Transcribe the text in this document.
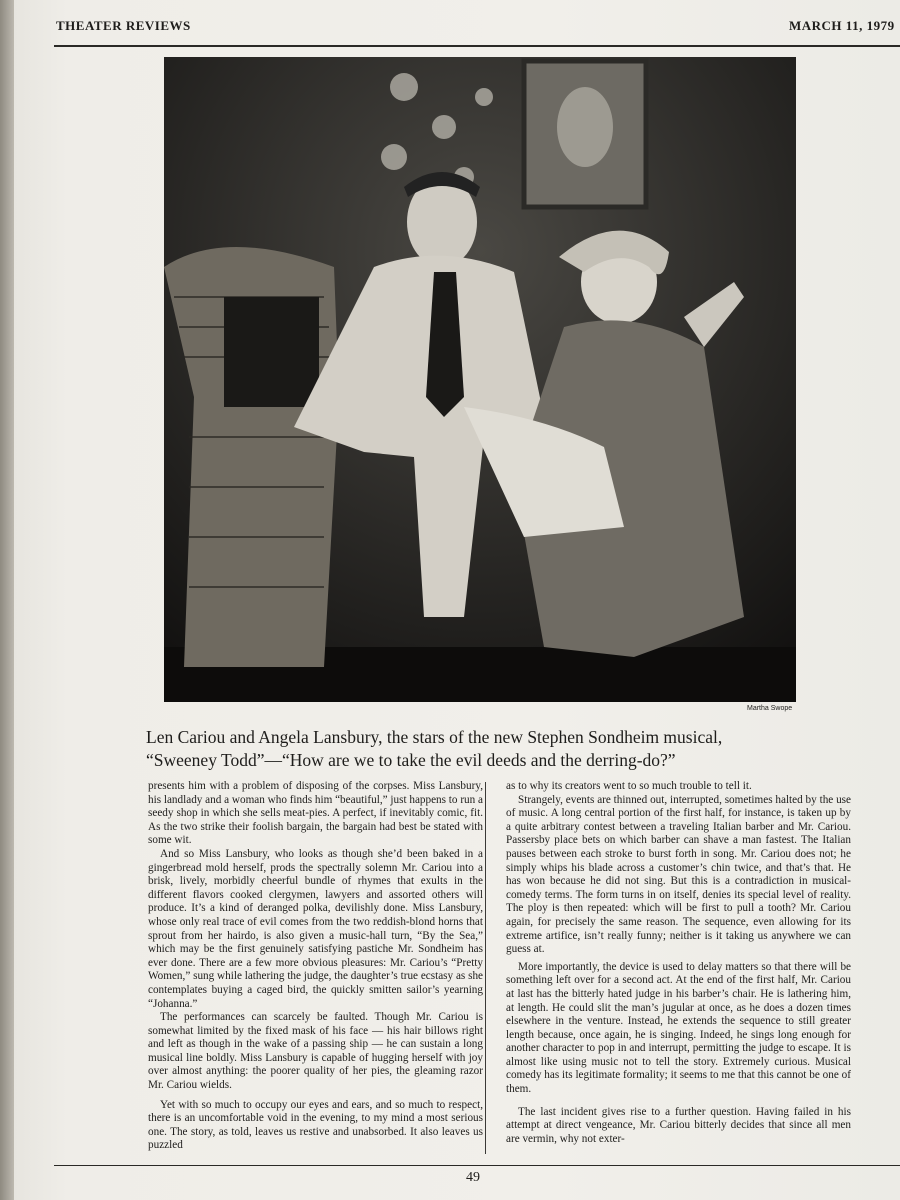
THEATER REVIEWS	MARCH 11, 1979
Martha Swope
Len Cariou and Angela Lansbury, the stars of the new Stephen Sondheim musical,
“Sweeney Todd”—“How are we to take the evil deeds and the derring-do?”

presents him with a problem of disposing of the corpses. Miss Lansbury, his landlady and a woman who finds him “beautiful,” just happens to run a seedy shop in which she sells meat-pies. A perfect, if inevitably comic, fit. As the two strike their foolish bargain, the bargain had best be stated with some wit.

And so Miss Lansbury, who looks as though she’d been baked in a gingerbread mold herself, prods the spectrally solemn Mr. Cariou into a brisk, lively, morbidly cheerful bundle of rhymes that exults in the different flavors cooked clergymen, lawyers and assorted others will produce. It’s a kind of deranged polka, devilishly done. Miss Lansbury, whose only real trace of evil comes from the two reddish-blond horns that sprout from her hairdo, is also given a music-hall turn, “By the Sea,” which may be the first genuinely satisfying pastiche Mr. Sondheim has ever done. There are a few more obvious pleasures: Mr. Cariou’s “Pretty Women,” sung while lathering the judge, the daughter’s true ecstasy as she contemplates buying a caged bird, the quickly smitten sailor’s yearning “Johanna.”

The performances can scarcely be faulted. Though Mr. Cariou is somewhat limited by the fixed mask of his face — his hair billows right and left as though in the wake of a passing ship — he can sustain a long musical line boldly. Miss Lansbury is capable of hugging herself with joy over almost anything: the poorer quality of her pies, the gleaming razor Mr. Cariou wields.

Yet with so much to occupy our eyes and ears, and so much to respect, there is an uncomfortable void in the evening, to my mind a most serious one. The story, as told, leaves us restive and unabsorbed. It also leaves us puzzled

as to why its creators went to so much trouble to tell it.

Strangely, events are thinned out, interrupted, sometimes halted by the use of music. A long central portion of the first half, for instance, is taken up by a quite arbitrary contest between a traveling Italian barber and Mr. Cariou. Passersby place bets on which barber can shave a man fastest. The Italian pauses between each stroke to burst forth in song. Mr. Cariou does not; he simply whips his blade across a customer’s chin twice, and that’s that. He has won because he did not sing. But this is a contradiction in musical-comedy terms. The form turns in on itself, denies its special level of reality. The ploy is then repeated: which will be first to pull a tooth? Mr. Cariou again, for precisely the same reason. The sequence, even allowing for its extreme artifice, isn’t really funny; neither is it taking us anywhere we can guess at.

More importantly, the device is used to delay matters so that there will be something left over for a second act. At the end of the first half, Mr. Cariou at last has the bitterly hated judge in his barber’s chair. He is lathering him, at length. He could slit the man’s jugular at once, as he does a dozen times elsewhere in the venture. Instead, he extends the sequence to still greater length because, once again, he is singing. Indeed, he sings long enough for another character to pop in and interrupt, permitting the judge to escape. It is almost like using music not to tell the story. Extremely curious. Musical comedy has its legitimate formality; it seems to me that this cannot be one of them.

The last incident gives rise to a further question. Having failed in his attempt at direct vengeance, Mr. Cariou bitterly decides that since all men are vermin, why not exter-

49
